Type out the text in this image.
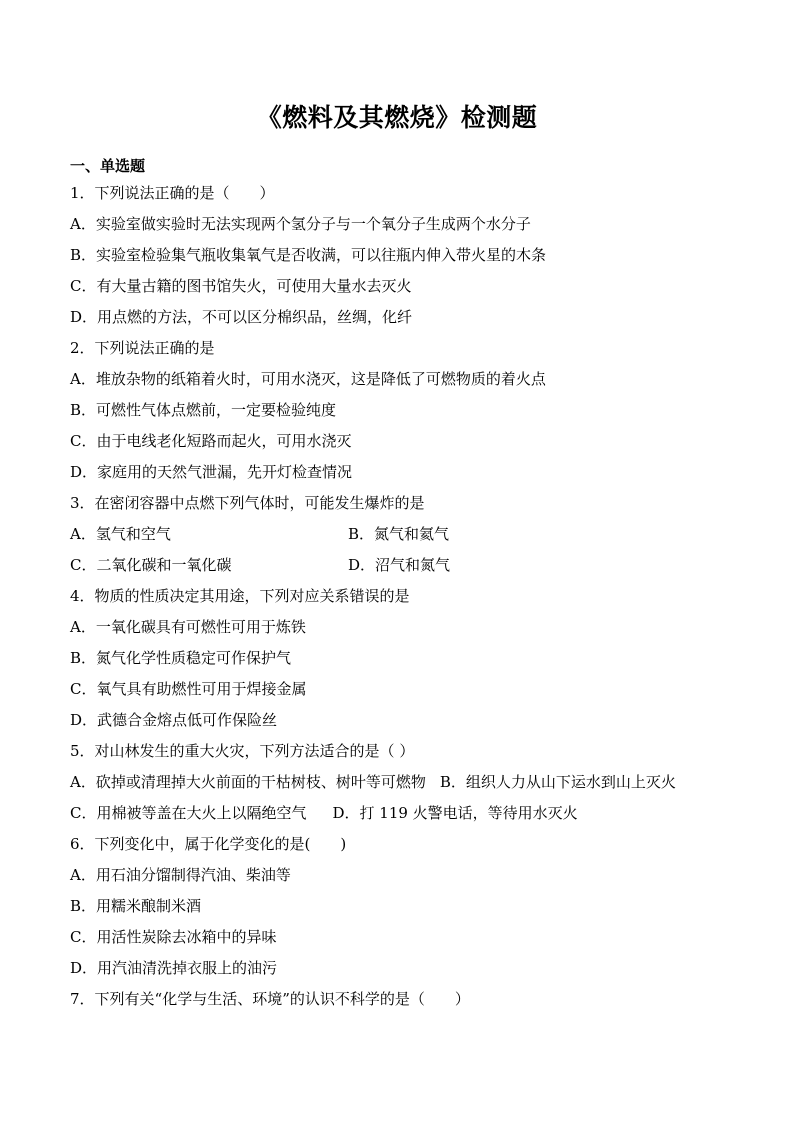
《燃料及其燃烧》检测题
一、单选题
1．下列说法正确的是（　　）
A．实验室做实验时无法实现两个氢分子与一个氧分子生成两个水分子
B．实验室检验集气瓶收集氧气是否收满，可以往瓶内伸入带火星的木条
C．有大量古籍的图书馆失火，可使用大量水去灭火
D．用点燃的方法，不可以区分棉织品，丝绸，化纤
2．下列说法正确的是
A．堆放杂物的纸箱着火时，可用水浇灭，这是降低了可燃物质的着火点
B．可燃性气体点燃前，一定要检验纯度
C．由于电线老化短路而起火，可用水浇灭
D．家庭用的天然气泄漏，先开灯检查情况
3．在密闭容器中点燃下列气体时，可能发生爆炸的是
A．氢气和空气	B．氮气和氦气
C．二氧化碳和一氧化碳	D．沼气和氮气
4．物质的性质决定其用途，下列对应关系错误的是
A．一氧化碳具有可燃性可用于炼铁
B．氮气化学性质稳定可作保护气
C．氧气具有助燃性可用于焊接金属
D．武德合金熔点低可作保险丝
5．对山林发生的重大火灾，下列方法适合的是（ ）
A．砍掉或清理掉大火前面的干枯树枝、树叶等可燃物 B．组织人力从山下运水到山上灭火
C．用棉被等盖在大火上以隔绝空气 D．打 119 火警电话，等待用水灭火
6．下列变化中，属于化学变化的是(　　)
A．用石油分馏制得汽油、柴油等
B．用糯米酿制米酒
C．用活性炭除去冰箱中的异味
D．用汽油清洗掉衣服上的油污
7．下列有关“化学与生活、环境”的认识不科学的是（　　）
